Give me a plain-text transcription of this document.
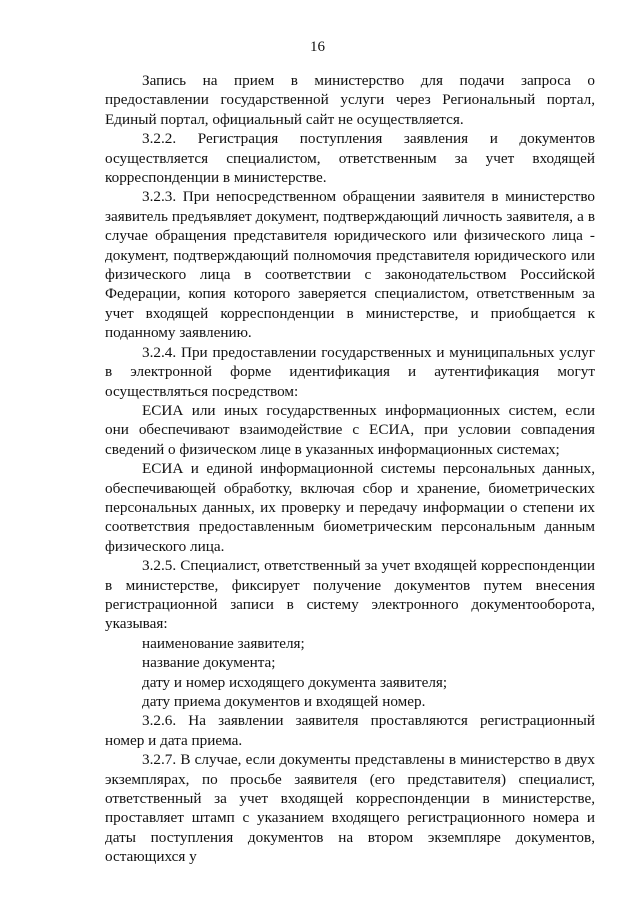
16

Запись на прием в министерство для подачи запроса о предоставлении государственной услуги через Региональный портал, Единый портал, официальный сайт не осуществляется.

3.2.2. Регистрация поступления заявления и документов осуществляется специалистом, ответственным за учет входящей корреспонденции в министерстве.

3.2.3. При непосредственном обращении заявителя в министерство заявитель предъявляет документ, подтверждающий личность заявителя, а в случае обращения представителя юридического или физического лица - документ, подтверждающий полномочия представителя юридического или физического лица в соответствии с законодательством Российской Федерации, копия которого заверяется специалистом, ответственным за учет входящей корреспонденции в министерстве, и приобщается к поданному заявлению.

3.2.4. При предоставлении государственных и муниципальных услуг в электронной форме идентификация и аутентификация могут осуществляться посредством:

ЕСИА или иных государственных информационных систем, если они обеспечивают взаимодействие с ЕСИА, при условии совпадения сведений о физическом лице в указанных информационных системах;

ЕСИА и единой информационной системы персональных данных, обеспечивающей обработку, включая сбор и хранение, биометрических персональных данных, их проверку и передачу информации о степени их соответствия предоставленным биометрическим персональным данным физического лица.

3.2.5. Специалист, ответственный за учет входящей корреспонденции в министерстве, фиксирует получение документов путем внесения регистрационной записи в систему электронного документооборота, указывая:

наименование заявителя;

название документа;

дату и номер исходящего документа заявителя;

дату приема документов и входящей номер.

3.2.6. На заявлении заявителя проставляются регистрационный номер и дата приема.

3.2.7. В случае, если документы представлены в министерство в двух экземплярах, по просьбе заявителя (его представителя) специалист, ответственный за учет входящей корреспонденции в министерстве, проставляет штамп с указанием входящего регистрационного номера и даты поступления документов на втором экземпляре документов, остающихся у
